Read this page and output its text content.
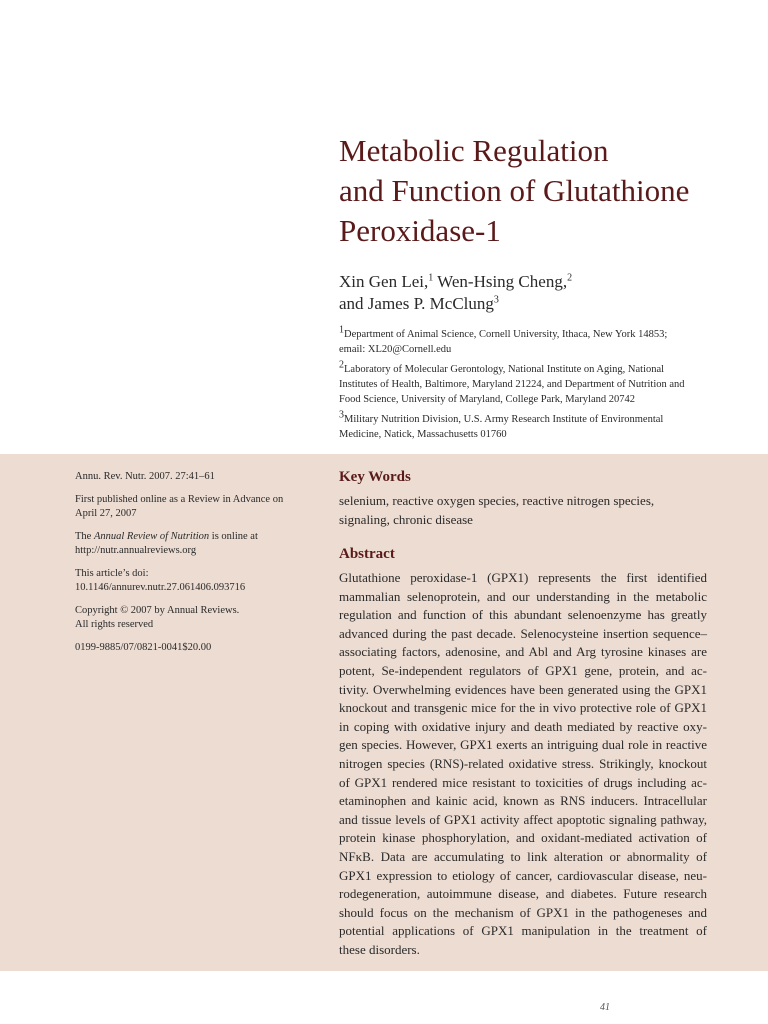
Metabolic Regulation
and Function of Glutathione
Peroxidase-1
Xin Gen Lei,$^1$ Wen-Hsing Cheng,$^2$
and James P. McClung$^3$
$^1$Department of Animal Science, Cornell University, Ithaca, New York 14853;
email: XL20@Cornell.edu
$^2$Laboratory of Molecular Gerontology, National Institute on Aging, National
Institutes of Health, Baltimore, Maryland 21224, and Department of Nutrition and
Food Science, University of Maryland, College Park, Maryland 20742
$^3$Military Nutrition Division, U.S. Army Research Institute of Environmental
Medicine, Natick, Massachusetts 01760

Annu. Rev. Nutr. 2007. 27:41–61

First published online as a Review in Advance on
April 27, 2007

The Annual Review of Nutrition is online at
http://nutr.annualreviews.org

This article’s doi:
10.1146/annurev.nutr.27.061406.093716

Copyright © 2007 by Annual Reviews.
All rights reserved

0199-9885/07/0821-0041$20.00

Key Words
selenium, reactive oxygen species, reactive nitrogen species,
signaling, chronic disease
Abstract
Glutathione peroxidase-1 (GPX1) represents the first identified
mammalian selenoprotein, and our understanding in the metabolic
regulation and function of this abundant selenoenzyme has greatly
advanced during the past decade. Selenocysteine insertion sequence–
associating factors, adenosine, and Abl and Arg tyrosine kinases are
potent, Se-independent regulators of GPX1 gene, protein, and ac-
tivity. Overwhelming evidences have been generated using the GPX1
knockout and transgenic mice for the in vivo protective role of GPX1
in coping with oxidative injury and death mediated by reactive oxy-
gen species. However, GPX1 exerts an intriguing dual role in reactive
nitrogen species (RNS)-related oxidative stress. Strikingly, knockout
of GPX1 rendered mice resistant to toxicities of drugs including ac-
etaminophen and kainic acid, known as RNS inducers. Intracellular
and tissue levels of GPX1 activity affect apoptotic signaling pathway,
protein kinase phosphorylation, and oxidant-mediated activation of
NFκB. Data are accumulating to link alteration or abnormality of
GPX1 expression to etiology of cancer, cardiovascular disease, neu-
rodegeneration, autoimmune disease, and diabetes. Future research
should focus on the mechanism of GPX1 in the pathogeneses and
potential applications of GPX1 manipulation in the treatment of
these disorders.
41
